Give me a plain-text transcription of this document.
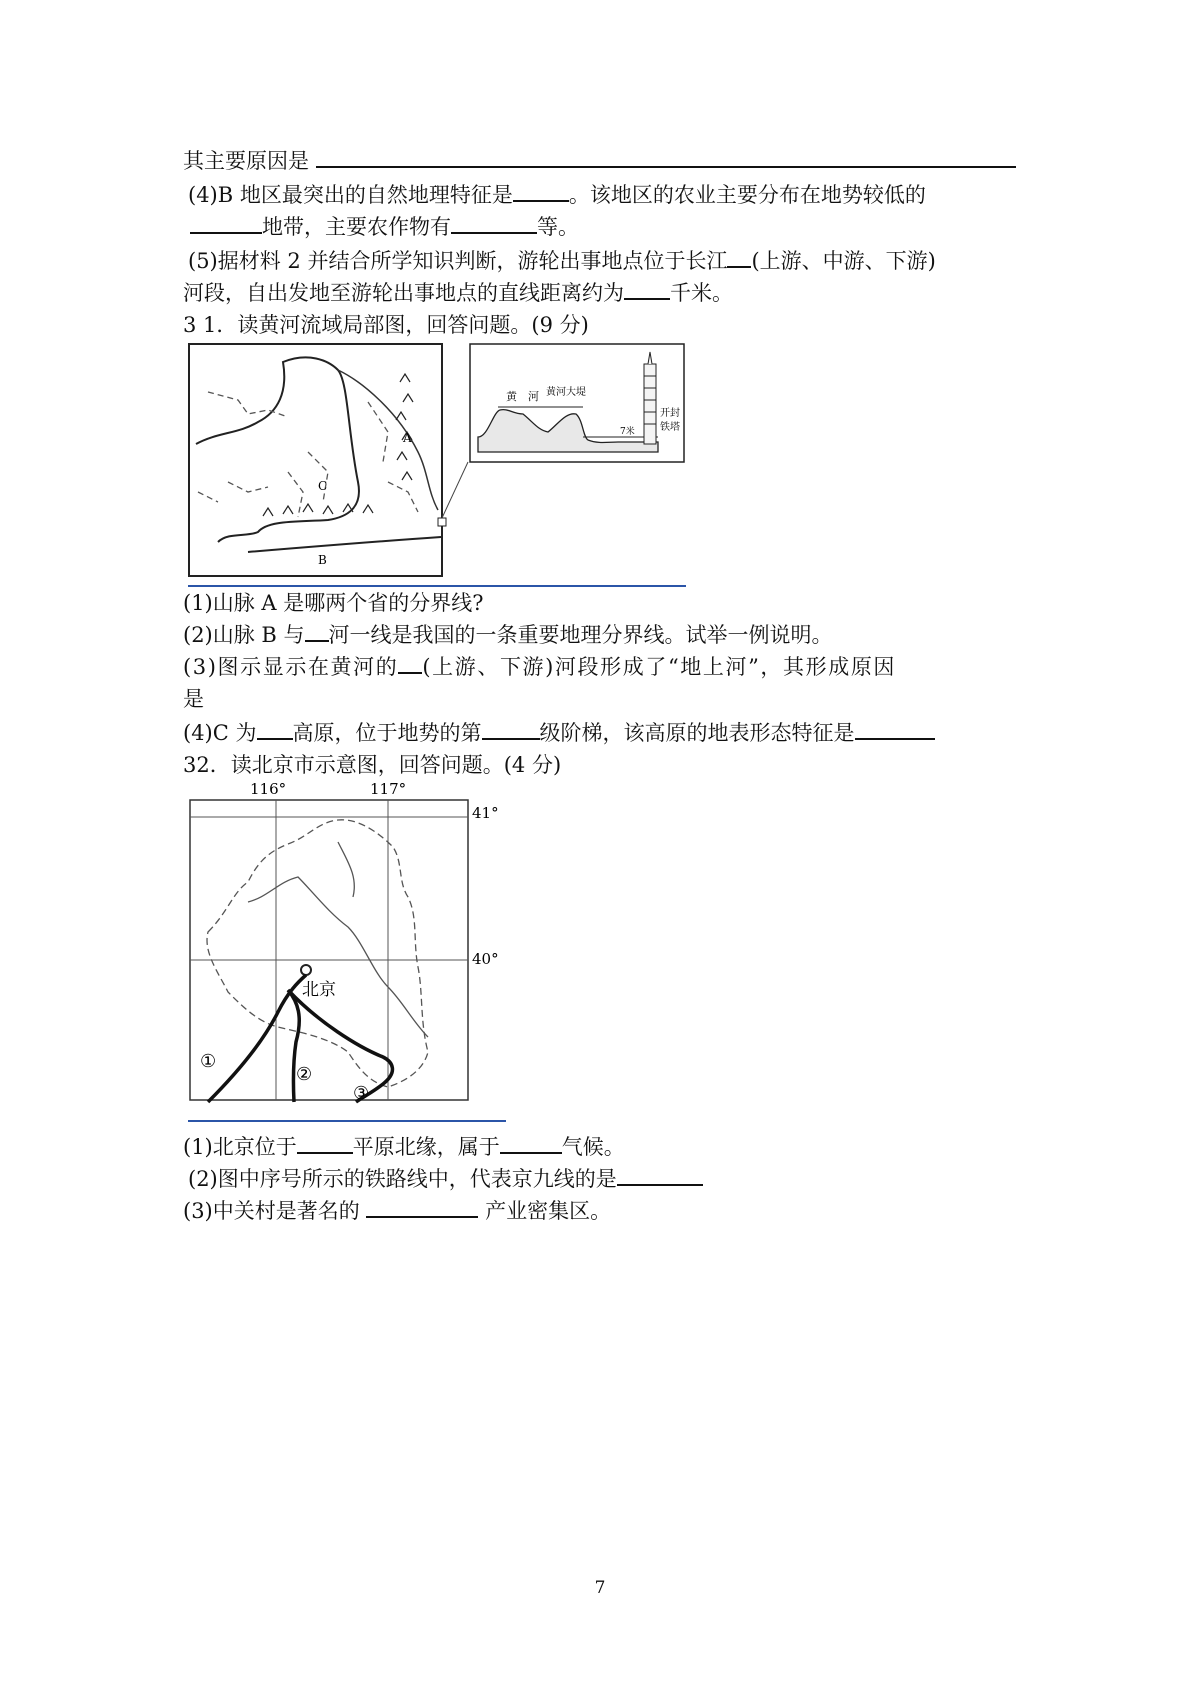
其主要原因是
(4)B 地区最突出的自然地理特征是	。该地区的农业主要分布在地势较低的
地带，主要农作物有	等。
(5)据材料 2 并结合所学知识判断，游轮出事地点位于长江 (上游、中游、下游)
河段，自出发地至游轮出事地点的直线距离约为 千米。
3 1．读黄河流域局部图，回答问题。(9 分)
A
C
B
黄　河 黄河大堤
7米
开封
铁塔
(1)山脉 A 是哪两个省的分界线?
(2)山脉 B 与 河一线是我国的一条重要地理分界线。试举一例说明。
(3)图示显示在黄河的 (上游、下游)河段形成了“地上河”，其形成原因
是
(4)C 为 高原，位于地势的第	级阶梯，该高原的地表形态特征是
32．读北京市示意图，回答问题。(4 分)
116°	117°
41°
40°
北京
①
②
③
(1)北京位于	平原北缘，属于	气候。
(2)图中序号所示的铁路线中，代表京九线的是
(3)中关村是著名的	产业密集区。
7
